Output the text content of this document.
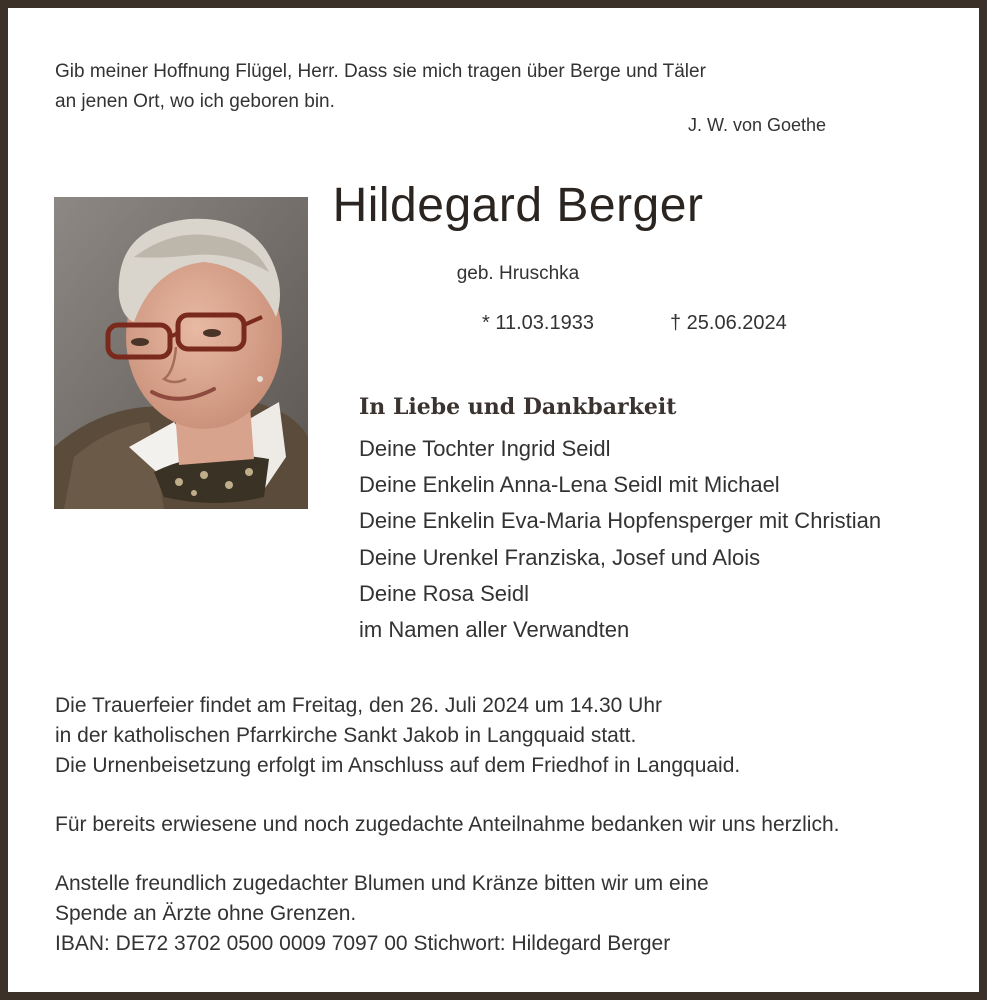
Gib meiner Hoffnung Flügel, Herr. Dass sie mich tragen über Berge und Täler
an jenen Ort, wo ich geboren bin.
J. W. von Goethe
Hildegard Berger
geb. Hruschka
* 11.03.1933	† 25.06.2024
In Liebe und Dankbarkeit
Deine Tochter Ingrid Seidl
Deine Enkelin Anna-Lena Seidl mit Michael
Deine Enkelin Eva-Maria Hopfensperger mit Christian
Deine Urenkel Franziska, Josef und Alois
Deine Rosa Seidl
im Namen aller Verwandten
Die Trauerfeier findet am Freitag, den 26. Juli 2024 um 14.30 Uhr
in der katholischen Pfarrkirche Sankt Jakob in Langquaid statt.
Die Urnenbeisetzung erfolgt im Anschluss auf dem Friedhof in Langquaid.
Für bereits erwiesene und noch zugedachte Anteilnahme bedanken wir uns herzlich.
Anstelle freundlich zugedachter Blumen und Kränze bitten wir um eine
Spende an Ärzte ohne Grenzen.
IBAN: DE72 3702 0500 0009 7097 00 Stichwort: Hildegard Berger
